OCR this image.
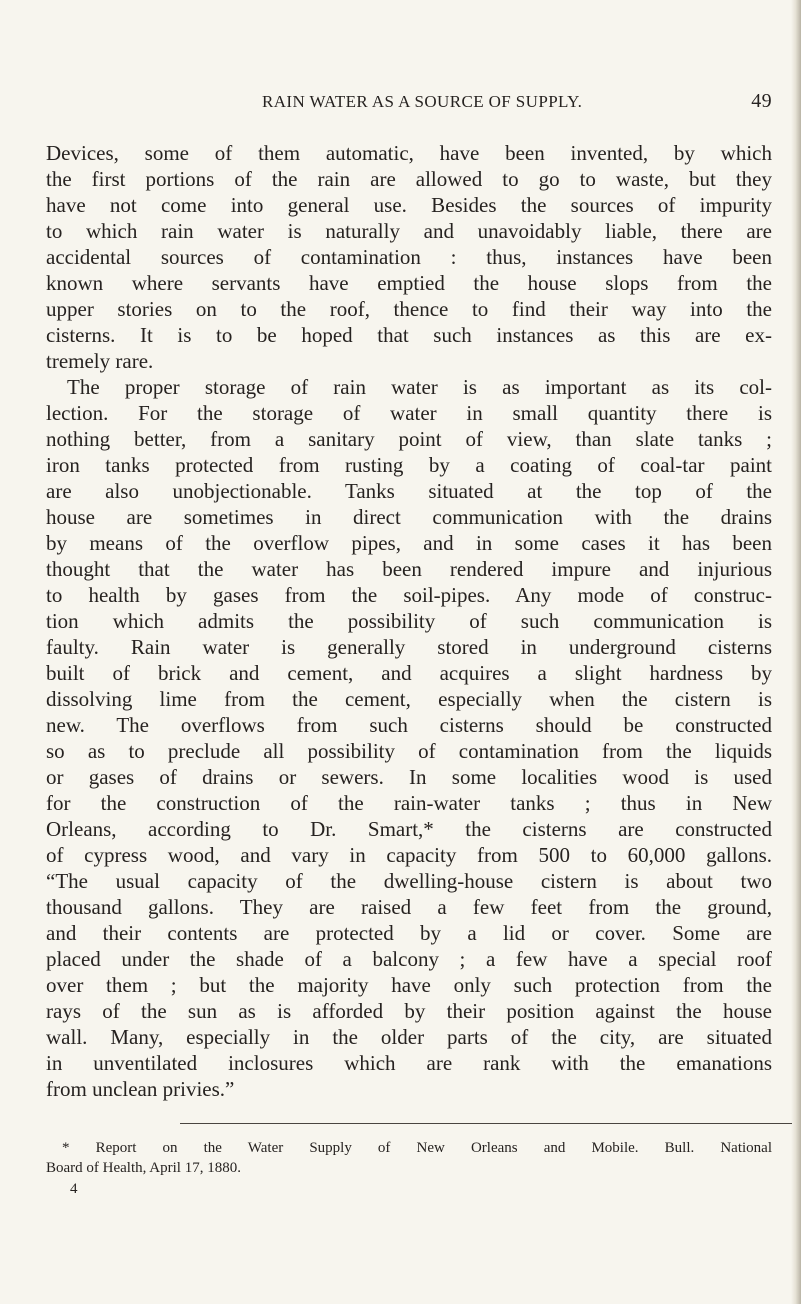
RAIN WATER AS A SOURCE OF SUPPLY.	49
Devices, some of them automatic, have been invented, by which
the first portions of the rain are allowed to go to waste, but they
have not come into general use. Besides the sources of impurity
to which rain water is naturally and unavoidably liable, there are
accidental sources of contamination : thus, instances have been
known where servants have emptied the house slops from the
upper stories on to the roof, thence to find their way into the
cisterns. It is to be hoped that such instances as this are ex-
tremely rare.
The proper storage of rain water is as important as its col-
lection. For the storage of water in small quantity there is
nothing better, from a sanitary point of view, than slate tanks ;
iron tanks protected from rusting by a coating of coal-tar paint
are also unobjectionable. Tanks situated at the top of the
house are sometimes in direct communication with the drains
by means of the overflow pipes, and in some cases it has been
thought that the water has been rendered impure and injurious
to health by gases from the soil-pipes. Any mode of construc-
tion which admits the possibility of such communication is
faulty. Rain water is generally stored in underground cisterns
built of brick and cement, and acquires a slight hardness by
dissolving lime from the cement, especially when the cistern is
new. The overflows from such cisterns should be constructed
so as to preclude all possibility of contamination from the liquids
or gases of drains or sewers. In some localities wood is used
for the construction of the rain-water tanks ; thus in New
Orleans, according to Dr. Smart,* the cisterns are constructed
of cypress wood, and vary in capacity from 500 to 60,000 gallons.
“The usual capacity of the dwelling-house cistern is about two
thousand gallons. They are raised a few feet from the ground,
and their contents are protected by a lid or cover. Some are
placed under the shade of a balcony ; a few have a special roof
over them ; but the majority have only such protection from the
rays of the sun as is afforded by their position against the house
wall. Many, especially in the older parts of the city, are situated
in unventilated inclosures which are rank with the emanations
from unclean privies.”
* Report on the Water Supply of New Orleans and Mobile. Bull. National
Board of Health, April 17, 1880.
4
